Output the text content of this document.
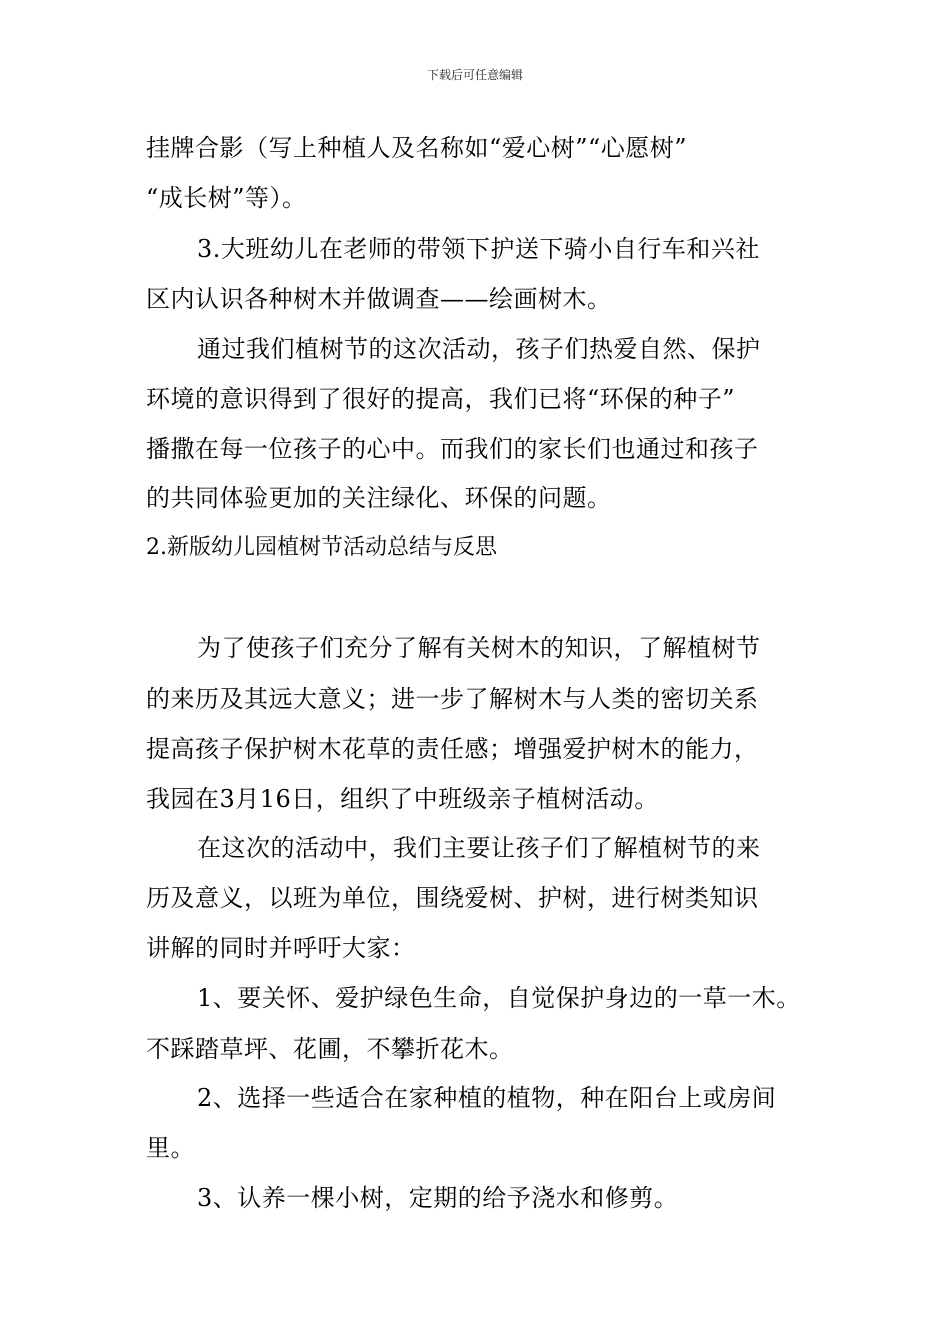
下载后可任意编辑
挂牌合影（写上种植人及名称如“爱心树”“心愿树”
“成长树”等）。
3.大班幼儿在老师的带领下护送下骑小自行车和兴社
区内认识各种树木并做调查——绘画树木。
通过我们植树节的这次活动，孩子们热爱自然、保护
环境的意识得到了很好的提高，我们已将“环保的种子”
播撒在每一位孩子的心中。而我们的家长们也通过和孩子
的共同体验更加的关注绿化、环保的问题。
2.新版幼儿园植树节活动总结与反思
为了使孩子们充分了解有关树木的知识，了解植树节
的来历及其远大意义；进一步了解树木与人类的密切关系
提高孩子保护树木花草的责任感；增强爱护树木的能力，
我园在3月16日，组织了中班级亲子植树活动。
在这次的活动中，我们主要让孩子们了解植树节的来
历及意义，以班为单位，围绕爱树、护树，进行树类知识
讲解的同时并呼吁大家：
1、要关怀、爱护绿色生命，自觉保护身边的一草一木。
不踩踏草坪、花圃，不攀折花木。
2、选择一些适合在家种植的植物，种在阳台上或房间
里。
3、认养一棵小树，定期的给予浇水和修剪。
